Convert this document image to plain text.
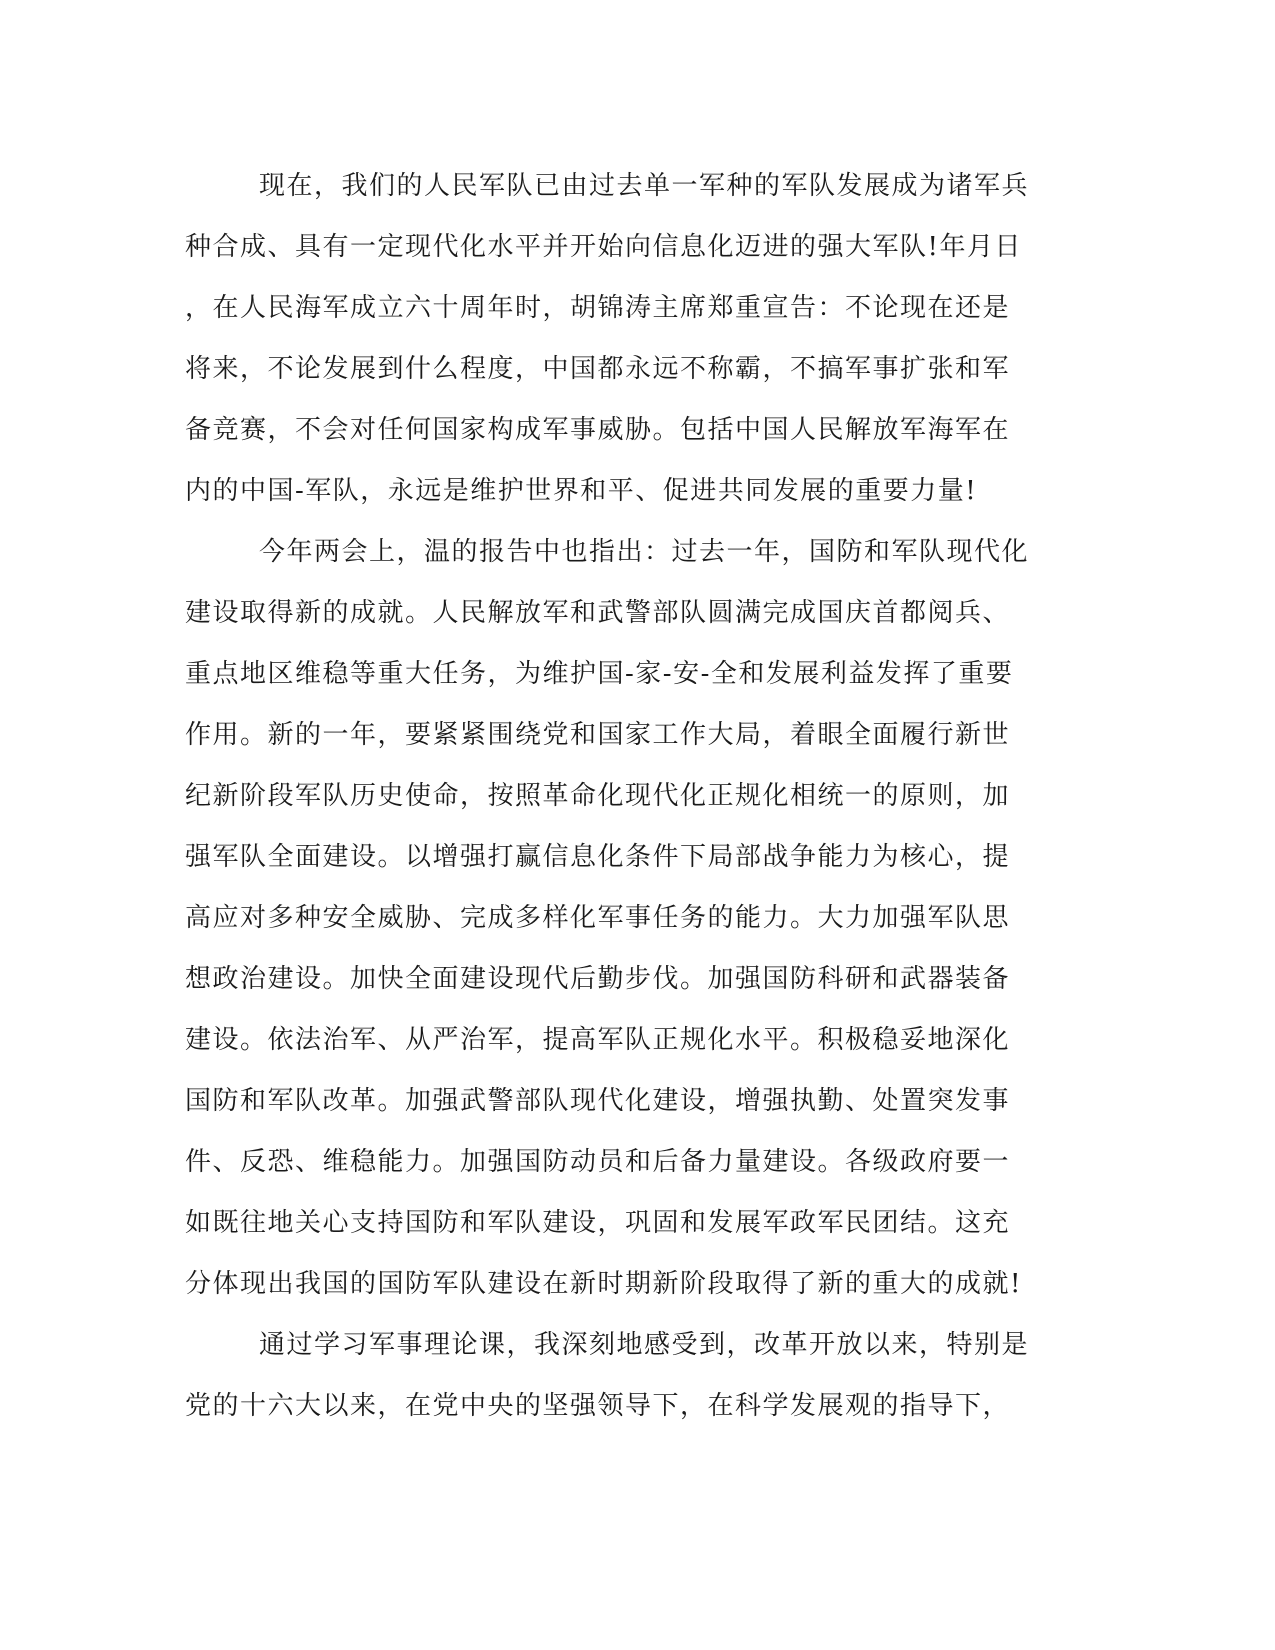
现在，我们的人民军队已由过去单一军种的军队发展成为诸军兵
种合成、具有一定现代化水平并开始向信息化迈进的强大军队!年月日
，在人民海军成立六十周年时，胡锦涛主席郑重宣告：不论现在还是
将来，不论发展到什么程度，中国都永远不称霸，不搞军事扩张和军
备竞赛，不会对任何国家构成军事威胁。包括中国人民解放军海军在
内的中国-军队，永远是维护世界和平、促进共同发展的重要力量!
今年两会上，温的报告中也指出：过去一年，国防和军队现代化
建设取得新的成就。人民解放军和武警部队圆满完成国庆首都阅兵、
重点地区维稳等重大任务，为维护国-家-安-全和发展利益发挥了重要
作用。新的一年，要紧紧围绕党和国家工作大局，着眼全面履行新世
纪新阶段军队历史使命，按照革命化现代化正规化相统一的原则，加
强军队全面建设。以增强打赢信息化条件下局部战争能力为核心，提
高应对多种安全威胁、完成多样化军事任务的能力。大力加强军队思
想政治建设。加快全面建设现代后勤步伐。加强国防科研和武器装备
建设。依法治军、从严治军，提高军队正规化水平。积极稳妥地深化
国防和军队改革。加强武警部队现代化建设，增强执勤、处置突发事
件、反恐、维稳能力。加强国防动员和后备力量建设。各级政府要一
如既往地关心支持国防和军队建设，巩固和发展军政军民团结。这充
分体现出我国的国防军队建设在新时期新阶段取得了新的重大的成就!
通过学习军事理论课，我深刻地感受到，改革开放以来，特别是
党的十六大以来，在党中央的坚强领导下，在科学发展观的指导下，
